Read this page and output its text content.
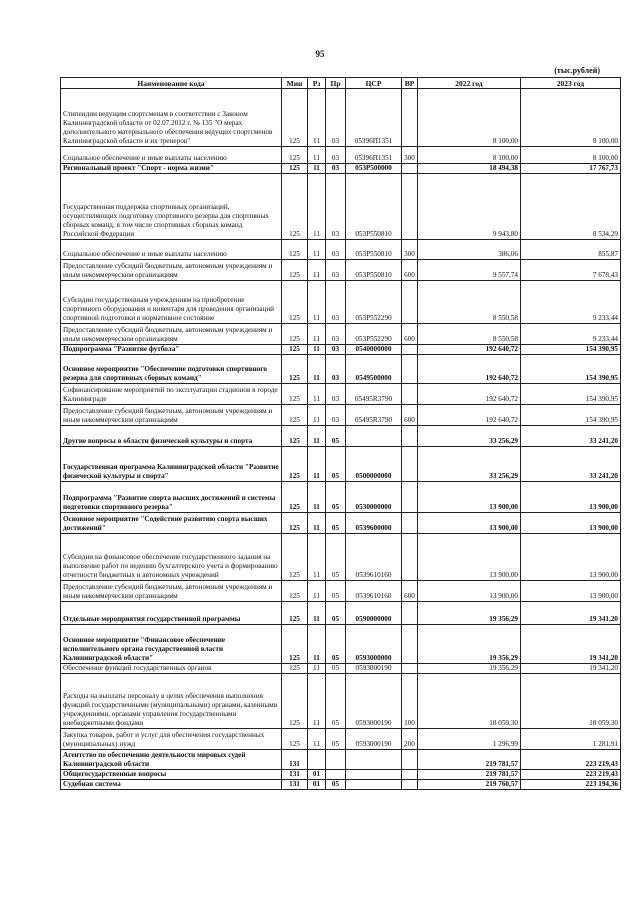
95
(тыс.рублей)
Наименование кода	Мин	Рз	Пр	ЦСР	ВР	2022 год	2023 год
Стипендии ведущим спортсменам в соответствии с Законом Калининградской области от 02.07.2012 г. № 135 "О мерах дополнительного материального обеспечения ведущих спортсменов Калининградской области и их тренеров"	125	11	03	05396П1351		8 100,00	8 100,00
Социальное обеспечение и иные выплаты населению	125	11	03	05396П1351	300	8 100,00	8 100,00
Региональный проект "Спорт - норма жизни"	125	11	03	053Р500000		18 494,38	17 767,73
Государственная поддержка спортивных организаций, осуществляющих подготовку спортивного резерва для спортивных сборных команд, в том числе спортивных сборных команд Российской Федерации	125	11	03	053Р550810		9 943,80	8 534,29
Социальное обеспечение и иные выплаты населению	125	11	03	053Р550810	300	386,06	855,87
Предоставление субсидий бюджетным, автономным учреждениям и иным некоммерческим организациям	125	11	03	053Р550810	600	9 557,74	7 678,43
Субсидии государственным учреждениям на приобретение спортивного оборудования и инвентаря для проведения организаций спортивной подготовки в нормативное состояние	125	11	03	053Р552290		8 550,58	9 233,44
Предоставление субсидий бюджетным, автономным учреждениям и иным некоммерческим организациям	125	11	03	053Р552290	600	8 550,58	9 233,44
Подпрограмма "Развитие футбола"	125	11	03	0540000000		192 640,72	154 390,95
Основное мероприятие "Обеспечение подготовки спортивного резерва для спортивных сборных команд"	125	11	03	0549500000		192 640,72	154 390,95
Софинансирование мероприятий по эксплуатации стадионов в городе Калининграде	125	11	03	05495R3790		192 640,72	154 390,95
Предоставление субсидий бюджетным, автономным учреждениям и иным некоммерческим организациям	125	11	03	05495R3790	600	192 640,72	154 390,95
Другие вопросы в области физической культуры и спорта	125	11	05			33 256,29	33 241,20
Государственная программа Калининградской области "Развитие физической культуры и спорта"	125	11	05	0500000000		33 256,29	33 241,20
Подпрограмма "Развитие спорта высших достижений и системы подготовки спортивного резерва"	125	11	05	0530000000		13 900,00	13 900,00
Основное мероприятие "Содействие развитию спорта высших достижений"	125	11	05	0539600000		13 900,00	13 900,00
Субсидии на финансовое обеспечение государственного задания на выполнение работ по ведению бухгалтерского учета и формированию отчетности бюджетных и автономных учреждений	125	11	05	0539610160		13 900,00	13 900,00
Предоставление субсидий бюджетным, автономным учреждениям и иным некоммерческим организациям	125	11	05	0539610160	600	13 900,00	13 900,00
Отдельные мероприятия государственной программы	125	11	05	0590000000		19 356,29	19 341,20
Основное мероприятие "Финансовое обеспечение исполнительного органа государственной власти Калининградской области"	125	11	05	0593000000		19 356,29	19 341,20
Обеспечение функций государственных органов	125	11	05	0593000190		19 356,29	19 341,20
Расходы на выплаты персоналу в целях обеспечения выполнения функций государственными (муниципальными) органами, казенными учреждениями, органами управления государственными внебюджетными фондами	125	11	05	0593000190	100	18 059,30	18 059,30
Закупка товаров, работ и услуг для обеспечения государственных (муниципальных) нужд	125	11	05	0593000190	200	1 296,99	1 281,91
Агентство по обеспечению деятельности мировых судей Калининградской области	131					219 781,57	223 219,43
Общегосударственные вопросы	131	01				219 781,57	223 219,43
Судебная система	131	01	05			219 760,57	223 194,36
